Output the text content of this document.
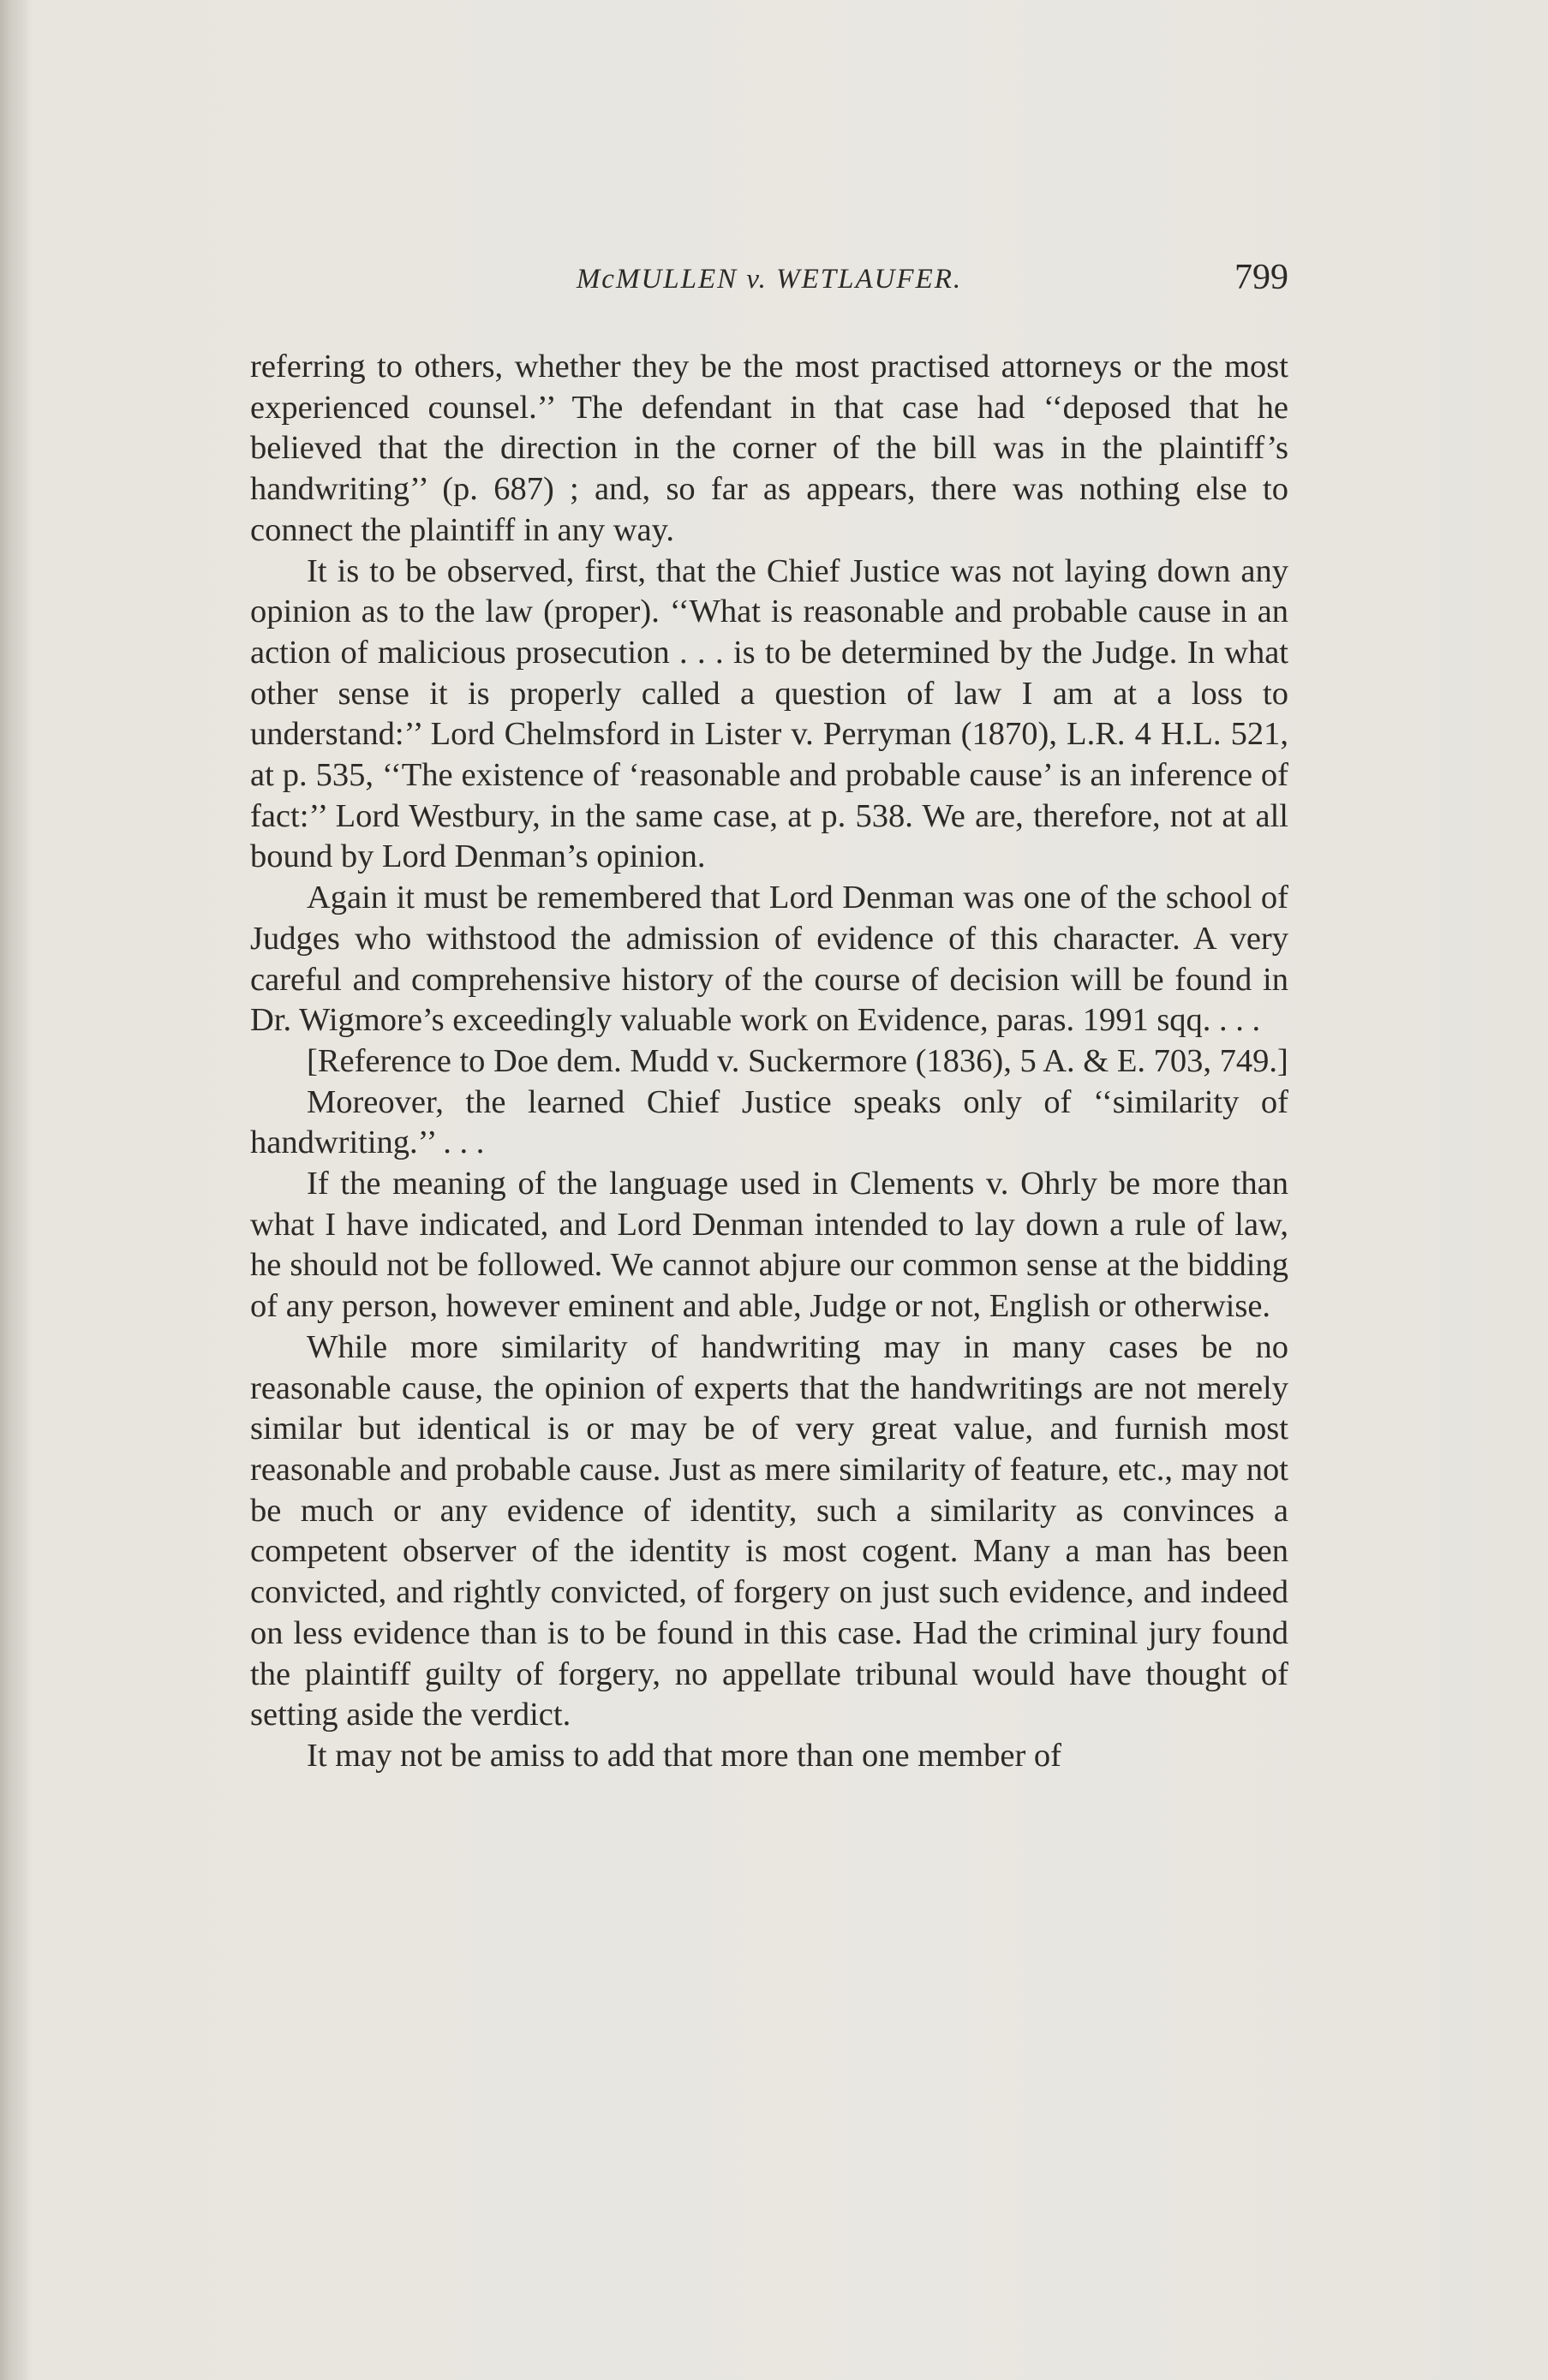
McMULLEN v. WETLAUFER.	799

referring to others, whether they be the most practised attorneys or the most experienced counsel.’’ The defendant in that case had ‘‘deposed that he believed that the direction in the corner of the bill was in the plaintiff’s handwriting’’ (p. 687) ; and, so far as appears, there was nothing else to connect the plaintiff in any way.

It is to be observed, first, that the Chief Justice was not laying down any opinion as to the law (proper). ‘‘What is reasonable and probable cause in an action of malicious prosecution . . . is to be determined by the Judge. In what other sense it is properly called a question of law I am at a loss to understand:’’ Lord Chelmsford in Lister v. Perryman (1870), L.R. 4 H.L. 521, at p. 535, ‘‘The existence of ‘reasonable and probable cause’ is an inference of fact:’’ Lord Westbury, in the same case, at p. 538. We are, therefore, not at all bound by Lord Denman’s opinion.

Again it must be remembered that Lord Denman was one of the school of Judges who withstood the admission of evidence of this character. A very careful and comprehensive history of the course of decision will be found in Dr. Wigmore’s exceedingly valuable work on Evidence, paras. 1991 sqq. . . .

[Reference to Doe dem. Mudd v. Suckermore (1836), 5 A. & E. 703, 749.]

Moreover, the learned Chief Justice speaks only of ‘‘similarity of handwriting.’’ . . .

If the meaning of the language used in Clements v. Ohrly be more than what I have indicated, and Lord Denman intended to lay down a rule of law, he should not be followed. We cannot abjure our common sense at the bidding of any person, however eminent and able, Judge or not, English or otherwise.

While more similarity of handwriting may in many cases be no reasonable cause, the opinion of experts that the handwritings are not merely similar but identical is or may be of very great value, and furnish most reasonable and probable cause. Just as mere similarity of feature, etc., may not be much or any evidence of identity, such a similarity as convinces a competent observer of the identity is most cogent. Many a man has been convicted, and rightly convicted, of forgery on just such evidence, and indeed on less evidence than is to be found in this case. Had the criminal jury found the plaintiff guilty of forgery, no appellate tribunal would have thought of setting aside the verdict.

It may not be amiss to add that more than one member of
